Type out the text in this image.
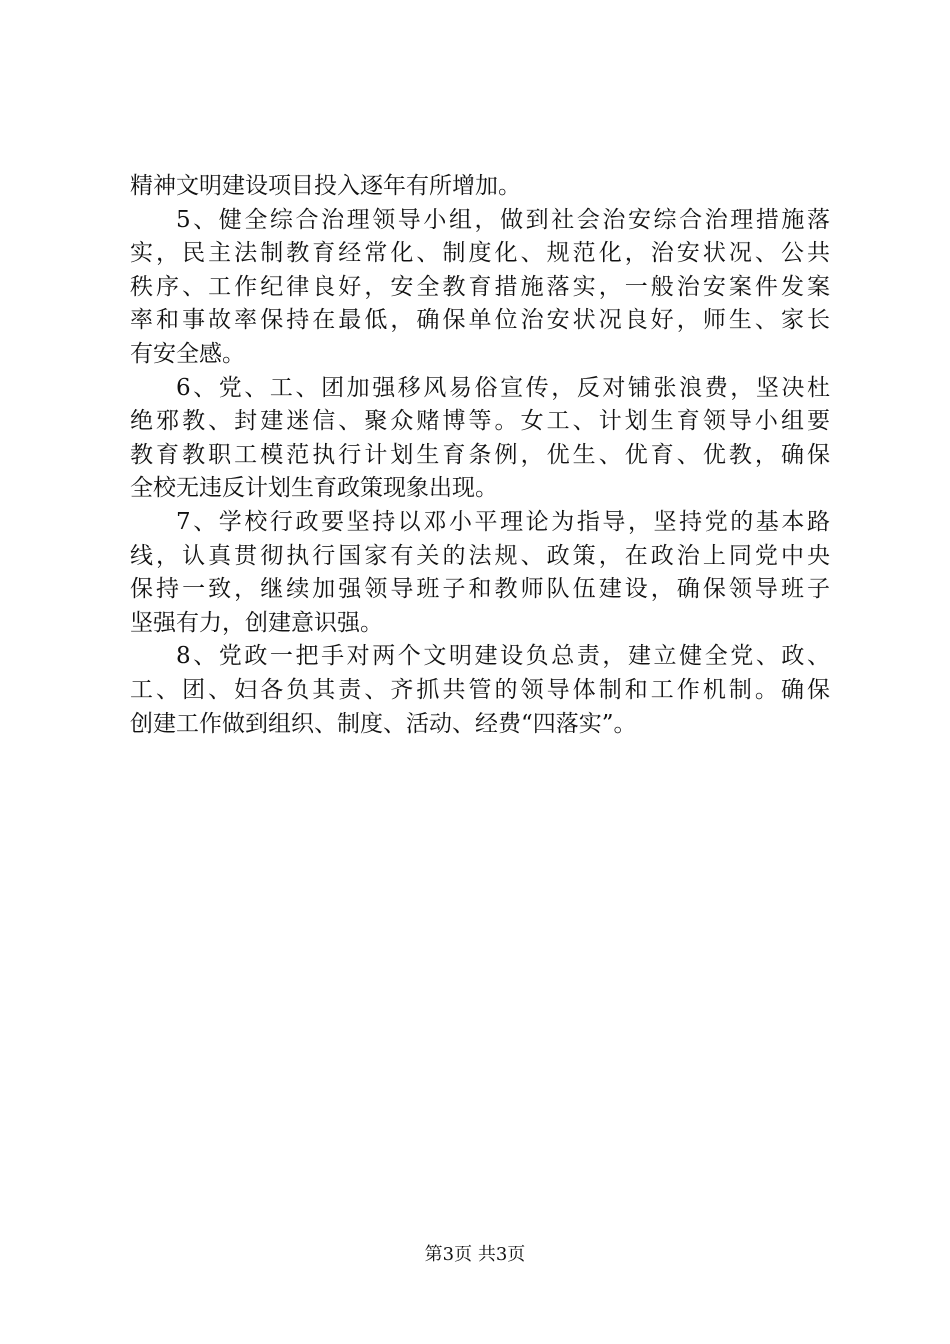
精神文明建设项目投入逐年有所增加。
5、健全综合治理领导小组，做到社会治安综合治理措施落
实，民主法制教育经常化、制度化、规范化，治安状况、公共
秩序、工作纪律良好，安全教育措施落实，一般治安案件发案
率和事故率保持在最低，确保单位治安状况良好，师生、家长
有安全感。
6、党、工、团加强移风易俗宣传，反对铺张浪费，坚决杜
绝邪教、封建迷信、聚众赌博等。女工、计划生育领导小组要
教育教职工模范执行计划生育条例，优生、优育、优教，确保
全校无违反计划生育政策现象出现。
7、学校行政要坚持以邓小平理论为指导，坚持党的基本路
线，认真贯彻执行国家有关的法规、政策，在政治上同党中央
保持一致，继续加强领导班子和教师队伍建设，确保领导班子
坚强有力，创建意识强。
8、党政一把手对两个文明建设负总责，建立健全党、政、
工、团、妇各负其责、齐抓共管的领导体制和工作机制。确保
创建工作做到组织、制度、活动、经费“四落实”。
第3页 共3页
